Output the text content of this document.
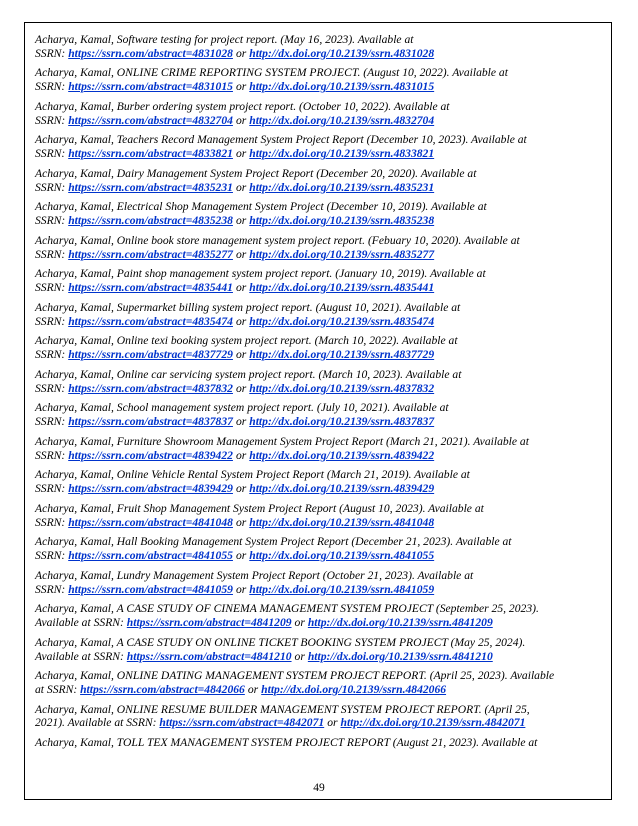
Acharya, Kamal, Software testing for project report. (May 16, 2023). Available at
SSRN: https://ssrn.com/abstract=4831028 or http://dx.doi.org/10.2139/ssrn.4831028
Acharya, Kamal, ONLINE CRIME REPORTING SYSTEM PROJECT. (August 10, 2022). Available at
SSRN: https://ssrn.com/abstract=4831015 or http://dx.doi.org/10.2139/ssrn.4831015
Acharya, Kamal, Burber ordering system project report. (October 10, 2022). Available at
SSRN: https://ssrn.com/abstract=4832704 or http://dx.doi.org/10.2139/ssrn.4832704
Acharya, Kamal, Teachers Record Management System Project Report (December 10, 2023). Available at
SSRN: https://ssrn.com/abstract=4833821 or http://dx.doi.org/10.2139/ssrn.4833821
Acharya, Kamal, Dairy Management System Project Report (December 20, 2020). Available at
SSRN: https://ssrn.com/abstract=4835231 or http://dx.doi.org/10.2139/ssrn.4835231
Acharya, Kamal, Electrical Shop Management System Project (December 10, 2019). Available at
SSRN: https://ssrn.com/abstract=4835238 or http://dx.doi.org/10.2139/ssrn.4835238
Acharya, Kamal, Online book store management system project report. (Febuary 10, 2020). Available at
SSRN: https://ssrn.com/abstract=4835277 or http://dx.doi.org/10.2139/ssrn.4835277
Acharya, Kamal, Paint shop management system project report. (January 10, 2019). Available at
SSRN: https://ssrn.com/abstract=4835441 or http://dx.doi.org/10.2139/ssrn.4835441
Acharya, Kamal, Supermarket billing system project report. (August 10, 2021). Available at
SSRN: https://ssrn.com/abstract=4835474 or http://dx.doi.org/10.2139/ssrn.4835474
Acharya, Kamal, Online texi booking system project report. (March 10, 2022). Available at
SSRN: https://ssrn.com/abstract=4837729 or http://dx.doi.org/10.2139/ssrn.4837729
Acharya, Kamal, Online car servicing system project report. (March 10, 2023). Available at
SSRN: https://ssrn.com/abstract=4837832 or http://dx.doi.org/10.2139/ssrn.4837832
Acharya, Kamal, School management system project report. (July 10, 2021). Available at
SSRN: https://ssrn.com/abstract=4837837 or http://dx.doi.org/10.2139/ssrn.4837837
Acharya, Kamal, Furniture Showroom Management System Project Report (March 21, 2021). Available at
SSRN: https://ssrn.com/abstract=4839422 or http://dx.doi.org/10.2139/ssrn.4839422
Acharya, Kamal, Online Vehicle Rental System Project Report (March 21, 2019). Available at
SSRN: https://ssrn.com/abstract=4839429 or http://dx.doi.org/10.2139/ssrn.4839429
Acharya, Kamal, Fruit Shop Management System Project Report (August 10, 2023). Available at
SSRN: https://ssrn.com/abstract=4841048 or http://dx.doi.org/10.2139/ssrn.4841048
Acharya, Kamal, Hall Booking Management System Project Report (December 21, 2023). Available at
SSRN: https://ssrn.com/abstract=4841055 or http://dx.doi.org/10.2139/ssrn.4841055
Acharya, Kamal, Lundry Management System Project Report (October 21, 2023). Available at
SSRN: https://ssrn.com/abstract=4841059 or http://dx.doi.org/10.2139/ssrn.4841059
Acharya, Kamal, A CASE STUDY OF CINEMA MANAGEMENT SYSTEM PROJECT (September 25, 2023).
Available at SSRN: https://ssrn.com/abstract=4841209 or http://dx.doi.org/10.2139/ssrn.4841209
Acharya, Kamal, A CASE STUDY ON ONLINE TICKET BOOKING SYSTEM PROJECT (May 25, 2024).
Available at SSRN: https://ssrn.com/abstract=4841210 or http://dx.doi.org/10.2139/ssrn.4841210
Acharya, Kamal, ONLINE DATING MANAGEMENT SYSTEM PROJECT REPORT. (April 25, 2023). Available
at SSRN: https://ssrn.com/abstract=4842066 or http://dx.doi.org/10.2139/ssrn.4842066
Acharya, Kamal, ONLINE RESUME BUILDER MANAGEMENT SYSTEM PROJECT REPORT. (April 25,
2021). Available at SSRN: https://ssrn.com/abstract=4842071 or http://dx.doi.org/10.2139/ssrn.4842071
Acharya, Kamal, TOLL TEX MANAGEMENT SYSTEM PROJECT REPORT (August 21, 2023). Available at
49
